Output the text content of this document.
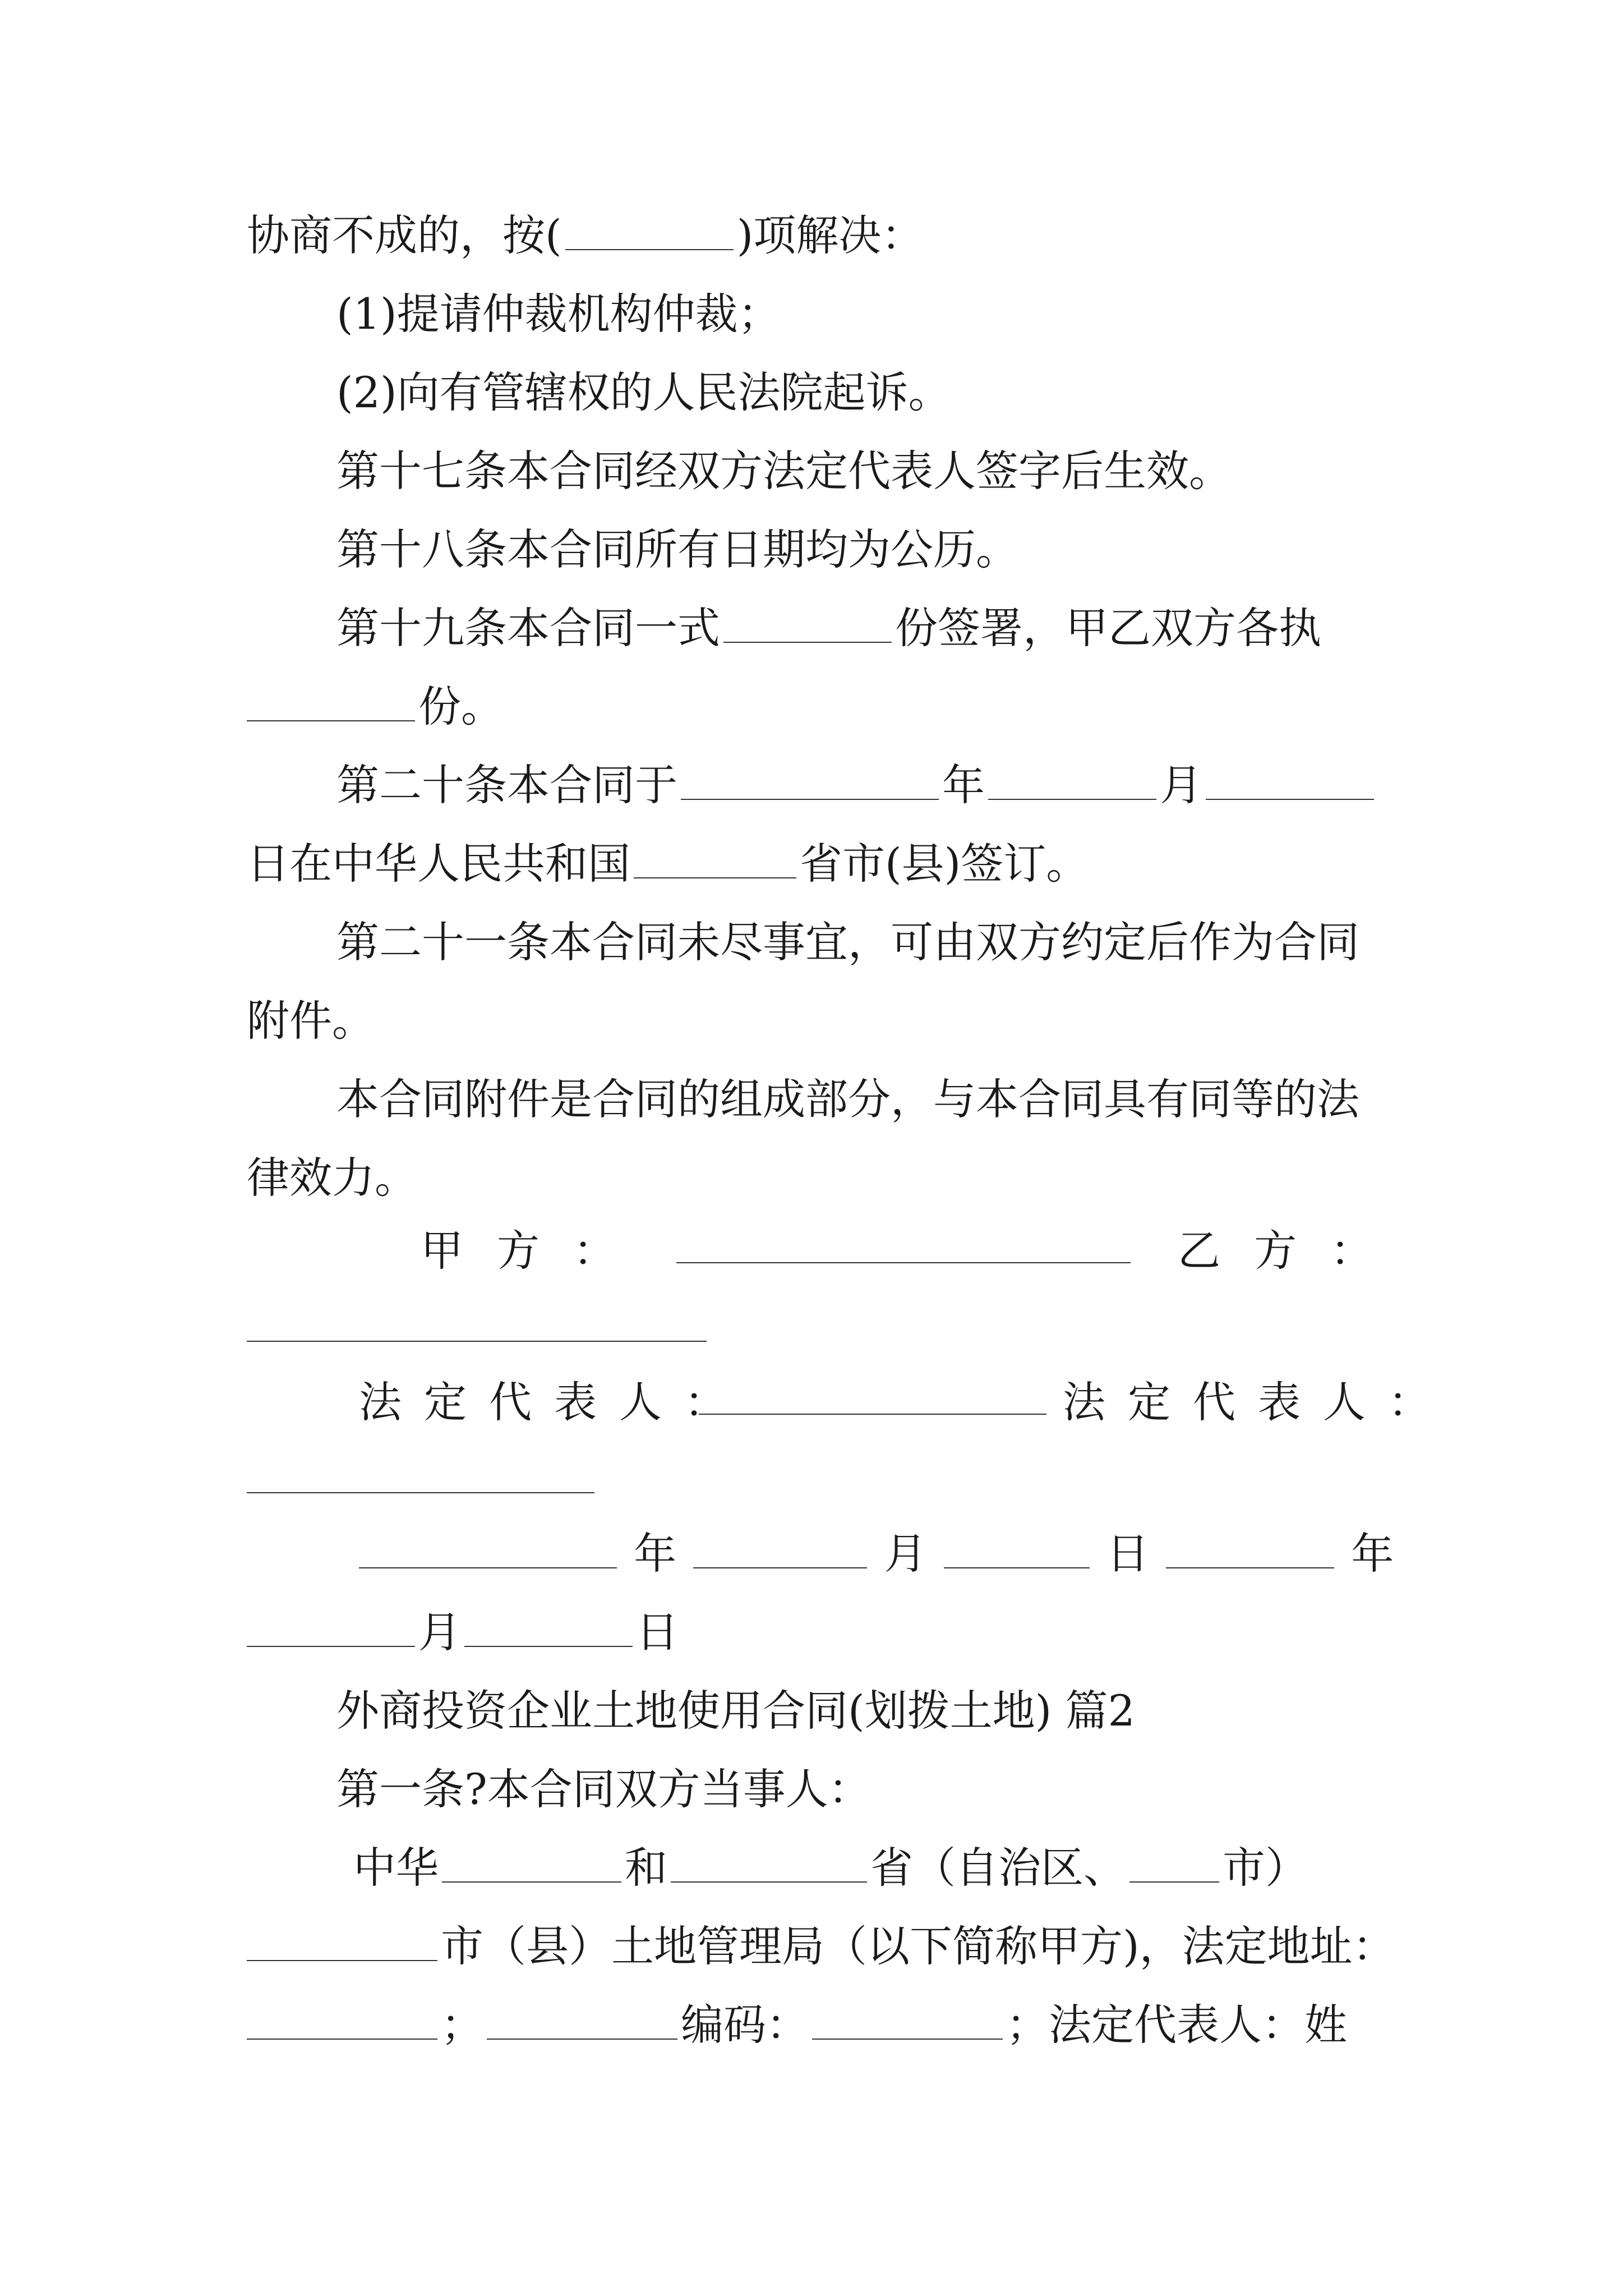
协商不成的，按(	)项解决：
(1)提请仲裁机构仲裁；
(2)向有管辖权的人民法院起诉。
第十七条本合同经双方法定代表人签字后生效。
第十八条本合同所有日期均为公历。
第十九条本合同一式	份签署，甲乙双方各执
份。
第二十条本合同于	年	月
日在中华人民共和国	省市(县)签订。
第二十一条本合同未尽事宜，可由双方约定后作为合同
附件。
本合同附件是合同的组成部分，与本合同具有同等的法
律效力。
甲方：	乙方：
法定代表人：	法定代表人：
年	月	日	年
月	日
外商投资企业土地使用合同(划拨土地) 篇2
第一条?本合同双方当事人：
中华	和	省（自治区、 市）
市（县）土地管理局（以下简称甲方)，法定地址：
；	编码：	；法定代表人：姓
